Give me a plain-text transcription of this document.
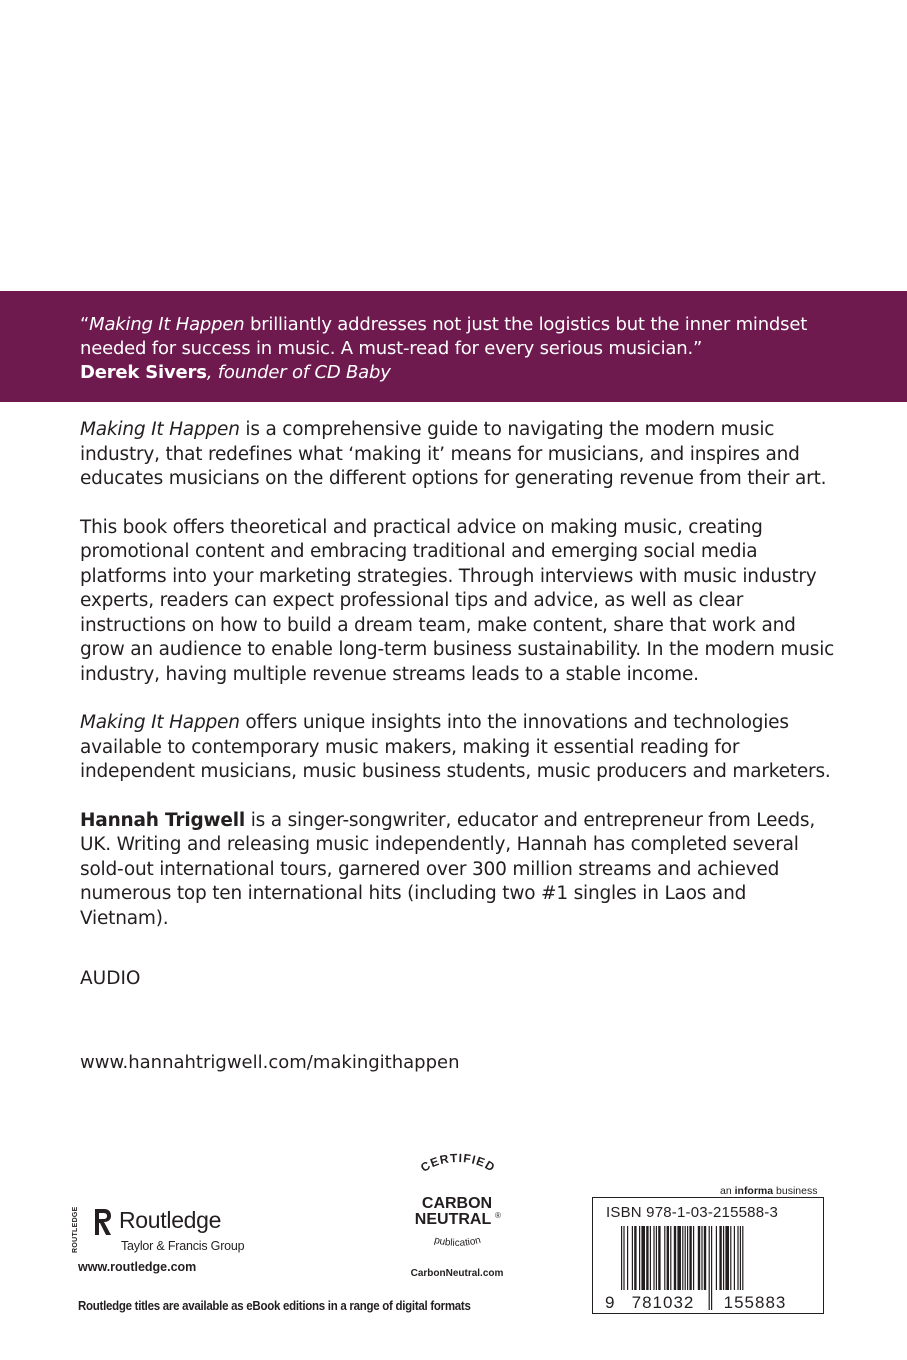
“Making It Happen brilliantly addresses not just the logistics but the inner mindset needed for success in music. A must-read for every serious musician.”
Derek Sivers, founder of CD Baby

Making It Happen is a comprehensive guide to navigating the modern music industry, that redefines what ‘making it’ means for musicians, and inspires and educates musicians on the different options for generating revenue from their art.

This book offers theoretical and practical advice on making music, creating promotional content and embracing traditional and emerging social media platforms into your marketing strategies. Through interviews with music industry experts, readers can expect professional tips and advice, as well as clear instructions on how to build a dream team, make content, share that work and grow an audience to enable long-term business sustainability. In the modern music industry, having multiple revenue streams leads to a stable income.

Making It Happen offers unique insights into the innovations and technologies available to contemporary music makers, making it essential reading for independent musicians, music business students, music producers and marketers.

Hannah Trigwell is a singer-songwriter, educator and entrepreneur from Leeds, UK. Writing and releasing music independently, Hannah has completed several sold-out international tours, garnered over 300 million streams and achieved numerous top ten international hits (including two #1 singles in Laos and Vietnam).

AUDIO
www.hannahtrigwell.com/makingithappen
ROUTLEDGE	Routledge
Taylor & Francis Group
www.routledge.com
Routledge titles are available as eBook editions in a range of digital formats
CERTIFIED
CARBON
NEUTRAL ®
publication
CarbonNeutral.com
an informa business
ISBN 978-1-03-215588-3
9 781032 155883
